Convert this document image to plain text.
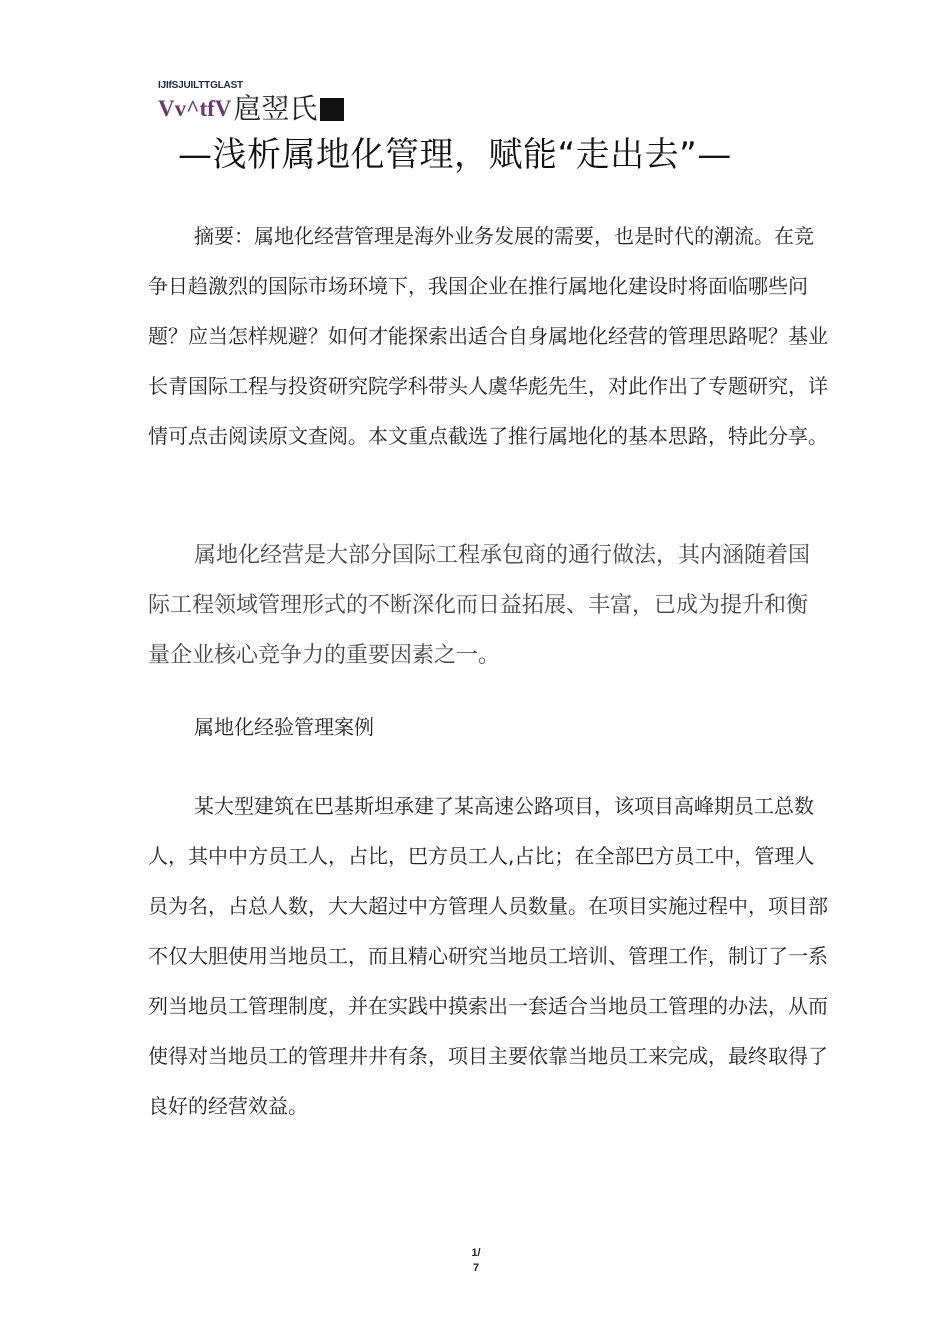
IJIfSJUILTTGLAST
Vv^tfV 扈翌氏
—浅析属地化管理，赋能“走出去”—

摘要：属地化经营管理是海外业务发展的需要，也是时代的潮流。在竞争日趋激烈的国际市场环境下，我国企业在推行属地化建设时将面临哪些问题？应当怎样规避？如何才能探索出适合自身属地化经营的管理思路呢？基业长青国际工程与投资研究院学科带头人虞华彪先生，对此作出了专题研究，详情可点击阅读原文查阅。本文重点截选了推行属地化的基本思路，特此分享。

属地化经营是大部分国际工程承包商的通行做法，其内涵随着国际工程领域管理形式的不断深化而日益拓展、丰富，已成为提升和衡量企业核心竞争力的重要因素之一。

属地化经验管理案例

某大型建筑在巴基斯坦承建了某高速公路项目，该项目高峰期员工总数人，其中中方员工人，占比，巴方员工人,占比；在全部巴方员工中，管理人员为名，占总人数，大大超过中方管理人员数量。在项目实施过程中，项目部不仅大胆使用当地员工，而且精心研究当地员工培训、管理工作，制订了一系列当地员工管理制度，并在实践中摸索出一套适合当地员工管理的办法，从而使得对当地员工的管理井井有条，项目主要依靠当地员工来完成，最终取得了良好的经营效益。

1/
7
